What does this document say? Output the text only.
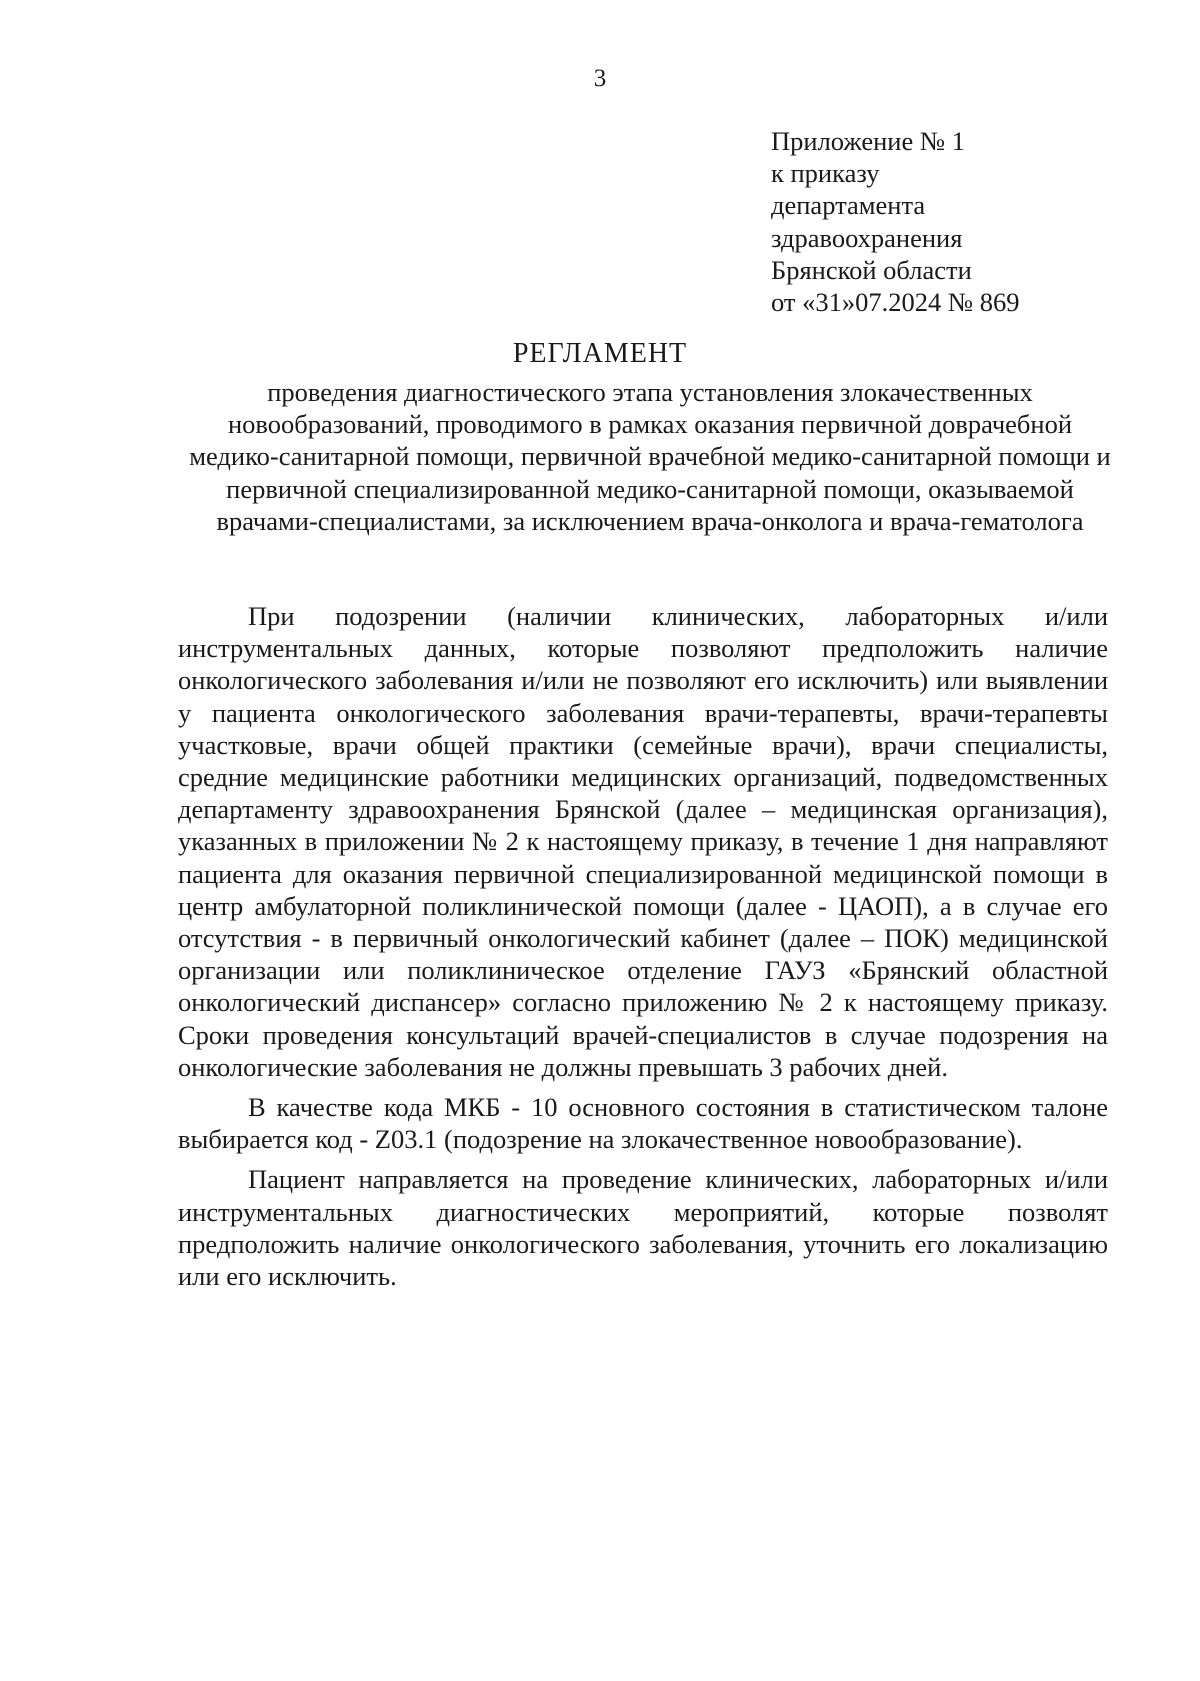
3
Приложение № 1
к приказу
департамента
здравоохранения
Брянской области
от «31»07.2024 № 869
РЕГЛАМЕНТ
проведения диагностического этапа установления злокачественных новообразований, проводимого в рамках оказания первичной доврачебной медико-санитарной помощи, первичной врачебной медико-санитарной помощи и первичной специализированной медико-санитарной помощи, оказываемой врачами-специалистами, за исключением врача-онколога и врача-гематолога

При подозрении (наличии клинических, лабораторных и/или инструментальных данных, которые позволяют предположить наличие онкологического заболевания и/или не позволяют его исключить) или выявлении у пациента онкологического заболевания врачи-терапевты, врачи-терапевты участковые, врачи общей практики (семейные врачи), врачи специалисты, средние медицинские работники медицинских организаций, подведомственных департаменту здравоохранения Брянской (далее – медицинская организация), указанных в приложении № 2 к настоящему приказу, в течение 1 дня направляют пациента для оказания первичной специализированной медицинской помощи в центр амбулаторной поликлинической помощи (далее - ЦАОП), а в случае его отсутствия - в первичный онкологический кабинет (далее – ПОК) медицинской организации или поликлиническое отделение ГАУЗ «Брянский областной онкологический диспансер» согласно приложению № 2 к настоящему приказу. Сроки проведения консультаций врачей-специалистов в случае подозрения на онкологические заболевания не должны превышать 3 рабочих дней.

В качестве кода МКБ - 10 основного состояния в статистическом талоне выбирается код - Z03.1 (подозрение на злокачественное новообразование).

Пациент направляется на проведение клинических, лабораторных и/или инструментальных диагностических мероприятий, которые позволят предположить наличие онкологического заболевания, уточнить его локализацию или его исключить.
